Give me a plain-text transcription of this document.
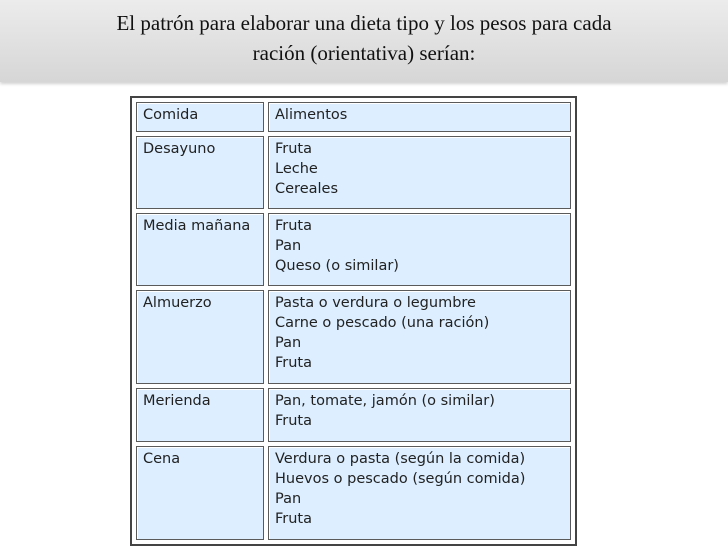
El patrón para elaborar una dieta tipo y los pesos para cada
ración (orientativa) serían:

Comida	Alimentos
Desayuno	Fruta
Leche
Cereales

Media mañana	Fruta
Pan
Queso (o similar)

Almuerzo	Pasta o verdura o legumbre
Carne o pescado (una ración)
Pan
Fruta

Merienda	Pan, tomate, jamón (o similar)
Fruta

Cena	Verdura o pasta (según la comida)
Huevos o pescado (según comida)
Pan
Fruta
